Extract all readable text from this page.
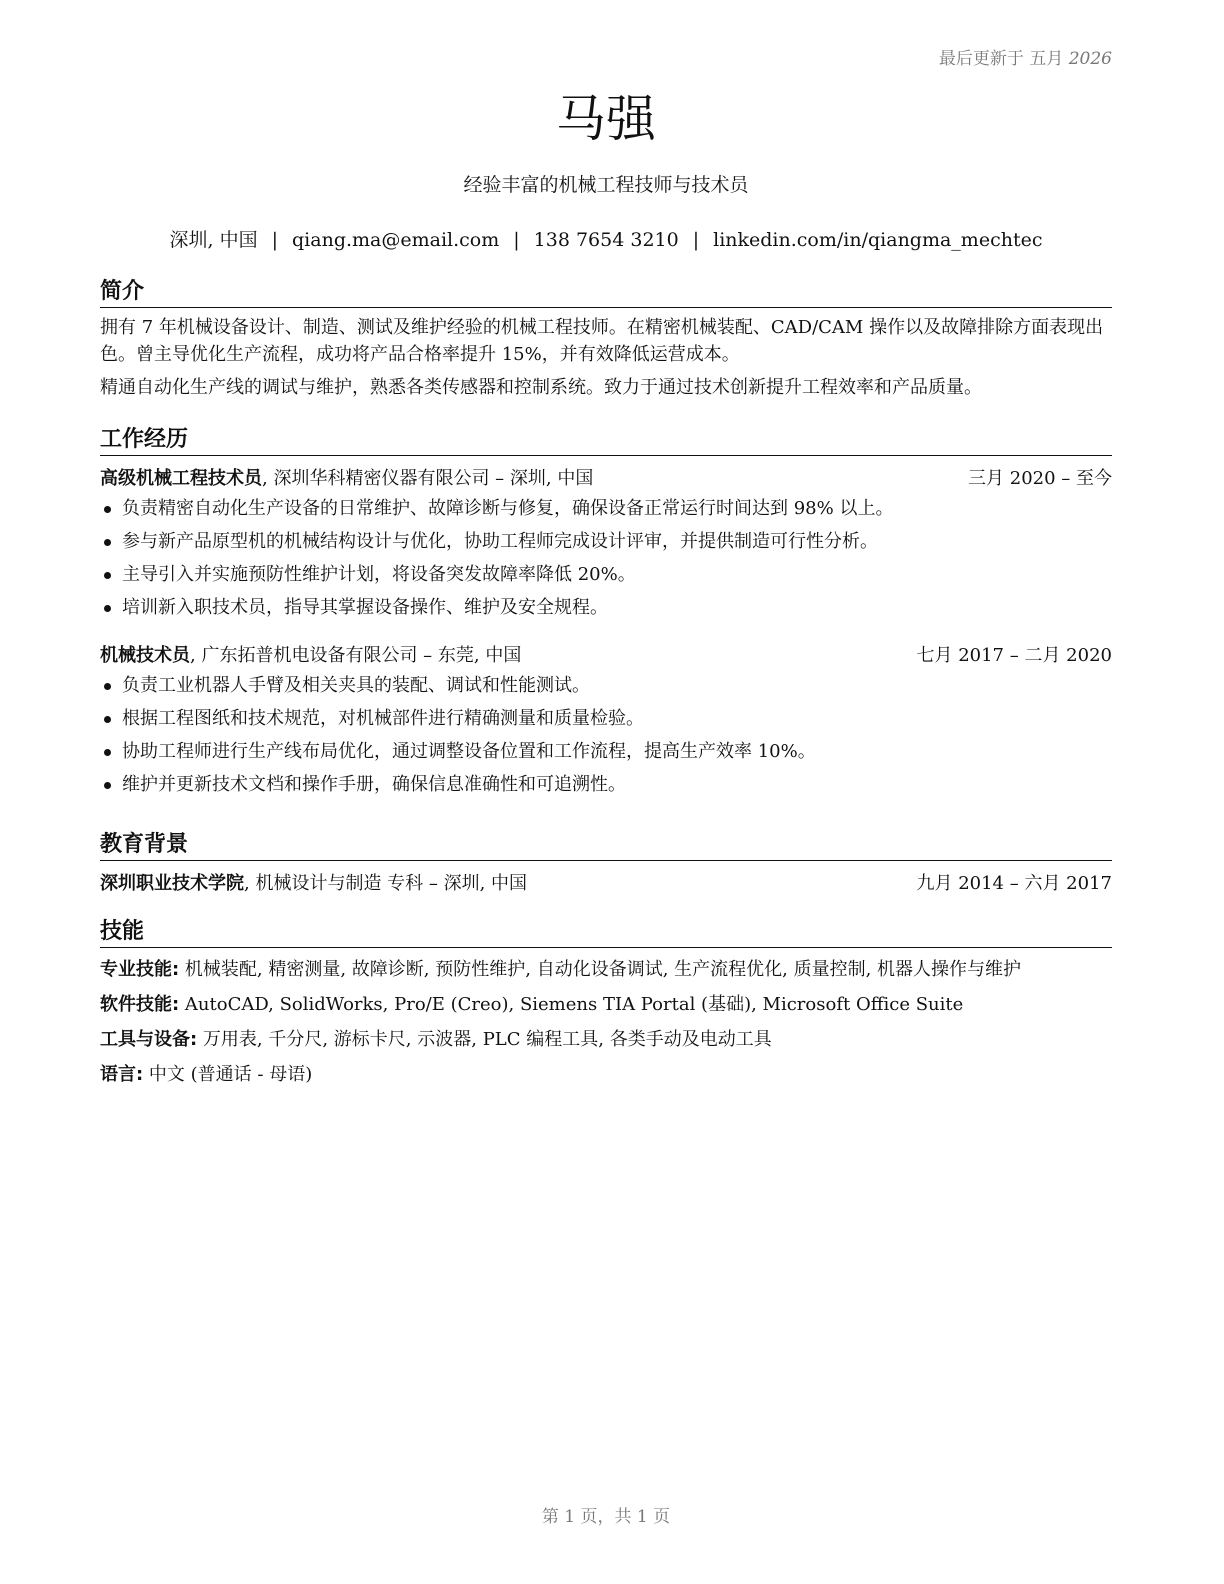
最后更新于 五月 2026
马强
经验丰富的机械工程技师与技术员
深圳, 中国 | qiang.ma@email.com | 138 7654 3210 | linkedin.com/in/qiangma_mechtec
简介
拥有 7 年机械设备设计、制造、测试及维护经验的机械工程技师。在精密机械装配、CAD/CAM 操作以及故障排除方面表现出色。曾主导优化生产流程，成功将产品合格率提升 15%，并有效降低运营成本。
精通自动化生产线的调试与维护，熟悉各类传感器和控制系统。致力于通过技术创新提升工程效率和产品质量。
工作经历
高级机械工程技术员, 深圳华科精密仪器有限公司 – 深圳, 中国	三月 2020 – 至今
负责精密自动化生产设备的日常维护、故障诊断与修复，确保设备正常运行时间达到 98% 以上。
参与新产品原型机的机械结构设计与优化，协助工程师完成设计评审，并提供制造可行性分析。
主导引入并实施预防性维护计划，将设备突发故障率降低 20%。
培训新入职技术员，指导其掌握设备操作、维护及安全规程。
机械技术员, 广东拓普机电设备有限公司 – 东莞, 中国	七月 2017 – 二月 2020
负责工业机器人手臂及相关夹具的装配、调试和性能测试。
根据工程图纸和技术规范，对机械部件进行精确测量和质量检验。
协助工程师进行生产线布局优化，通过调整设备位置和工作流程，提高生产效率 10%。
维护并更新技术文档和操作手册，确保信息准确性和可追溯性。
教育背景
深圳职业技术学院, 机械设计与制造 专科 – 深圳, 中国	九月 2014 – 六月 2017
技能
专业技能: 机械装配, 精密测量, 故障诊断, 预防性维护, 自动化设备调试, 生产流程优化, 质量控制, 机器人操作与维护
软件技能: AutoCAD, SolidWorks, Pro/E (Creo), Siemens TIA Portal (基础), Microsoft Office Suite
工具与设备: 万用表, 千分尺, 游标卡尺, 示波器, PLC 编程工具, 各类手动及电动工具
语言: 中文 (普通话 - 母语)
第 1 页，共 1 页
